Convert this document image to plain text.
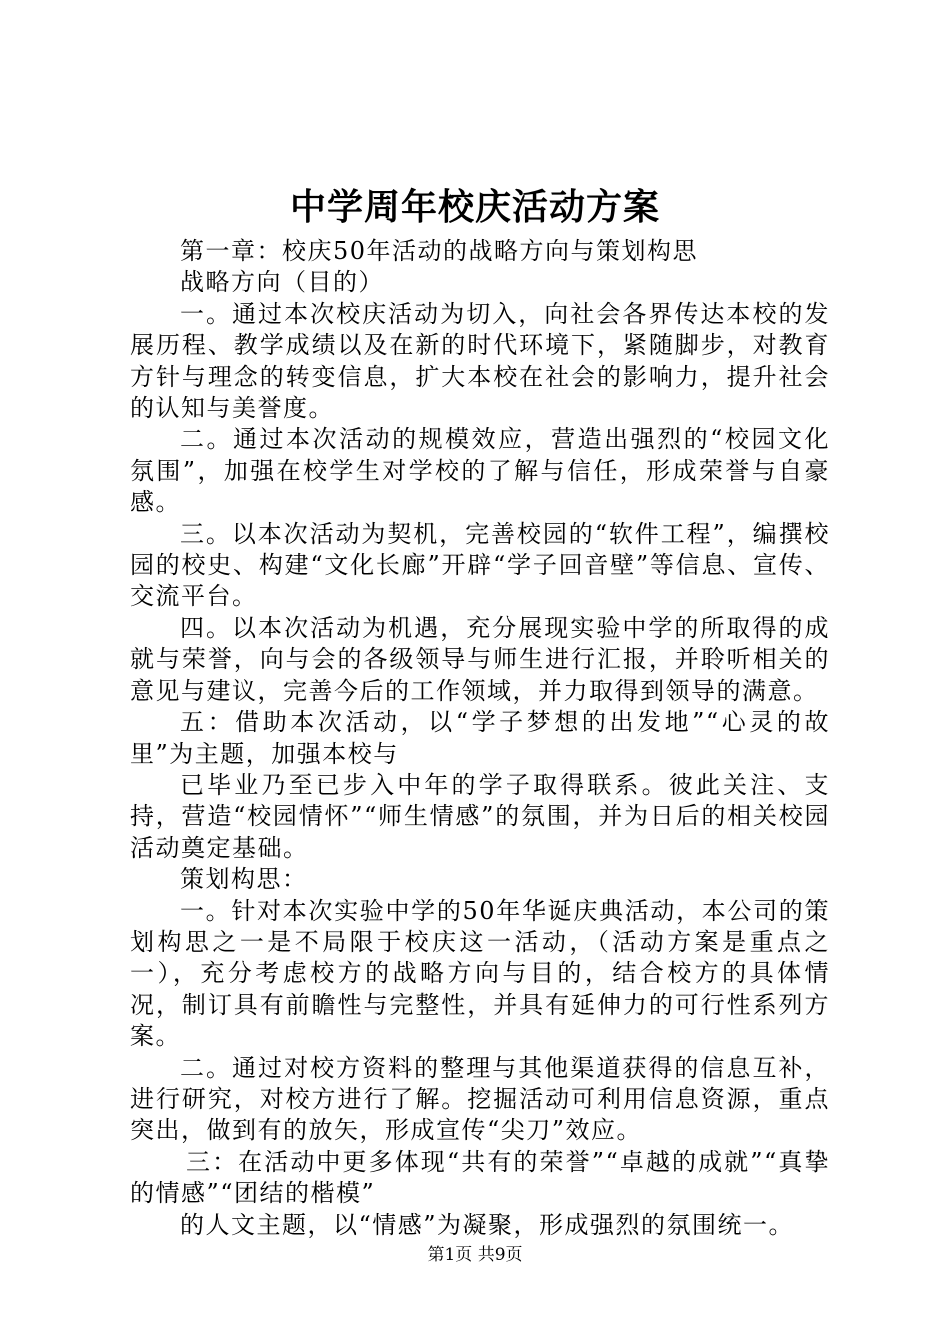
中学周年校庆活动方案

第一章：校庆50年活动的战略方向与策划构思

战略方向（目的）

一。通过本次校庆活动为切入，向社会各界传达本校的发展历程、教学成绩以及在新的时代环境下，紧随脚步，对教育方针与理念的转变信息，扩大本校在社会的影响力，提升社会的认知与美誉度。

二。通过本次活动的规模效应，营造出强烈的“校园文化氛围”，加强在校学生对学校的了解与信任，形成荣誉与自豪感。

三。以本次活动为契机，完善校园的“软件工程”，编撰校园的校史、构建“文化长廊”开辟“学子回音壁”等信息、宣传、交流平台。

四。以本次活动为机遇，充分展现实验中学的所取得的成就与荣誉，向与会的各级领导与师生进行汇报，并聆听相关的意见与建议，完善今后的工作领域，并力取得到领导的满意。

五：借助本次活动，以“学子梦想的出发地”“心灵的故里”为主题，加强本校与

已毕业乃至已步入中年的学子取得联系。彼此关注、支持，营造“校园情怀”“师生情感”的氛围，并为日后的相关校园活动奠定基础。

策划构思：

一。针对本次实验中学的50年华诞庆典活动，本公司的策划构思之一是不局限于校庆这一活动，（活动方案是重点之一），充分考虑校方的战略方向与目的，结合校方的具体情况，制订具有前瞻性与完整性，并具有延伸力的可行性系列方案。

二。通过对校方资料的整理与其他渠道获得的信息互补，进行研究，对校方进行了解。挖掘活动可利用信息资源，重点突出，做到有的放矢，形成宣传“尖刀”效应。

三：在活动中更多体现“共有的荣誉”“卓越的成就”“真挚的情感”“团结的楷模”

的人文主题，以“情感”为凝聚，形成强烈的氛围统一。

第1页 共9页
